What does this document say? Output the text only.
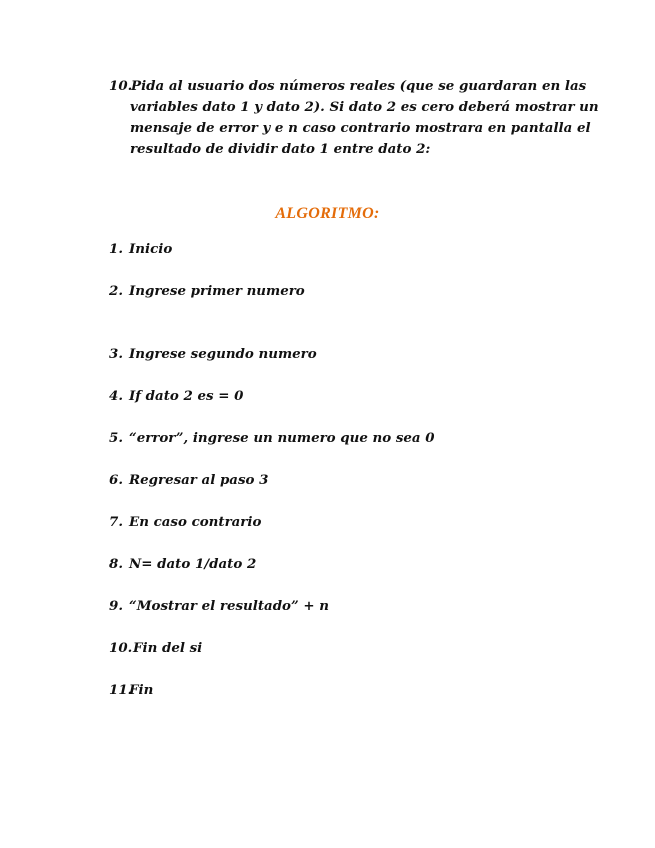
10.Pida al usuario dos números reales (que se guardaran en las
variables dato 1 y dato 2). Si dato 2 es cero deberá mostrar un
mensaje de error y e n caso contrario mostrara en pantalla el
resultado de dividir dato 1 entre dato 2:
ALGORITMO:
1. Inicio
2. Ingrese primer numero
3. Ingrese segundo numero
4. If dato 2 es = 0
5. “error”, ingrese un numero que no sea 0
6. Regresar al paso 3
7. En caso contrario
8. N= dato 1/dato 2
9. “Mostrar el resultado” + n
10.Fin del si
11.Fin
